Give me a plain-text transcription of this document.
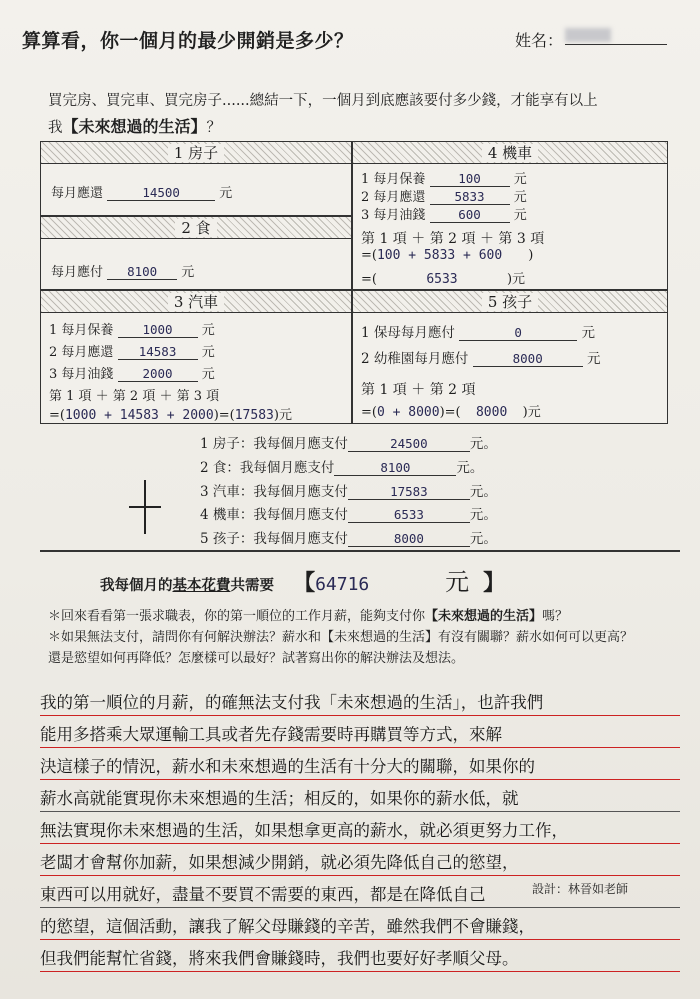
算算看，你一個月的最少開銷是多少？	姓名：
買完房、買完車、買完房子......總結一下，一個月到底應該要付多少錢，才能享有以上
我【未來想過的生活】？
1 房子
每月應還	14500	元
2 食
每月應付 8100 元
3 汽車
1 每月保養 1000 元
2 每月應還 14583 元
3 每月油錢 2000 元
第 1 項 ＋ 第 2 項 ＋ 第 3 項
=(1000 + 14583 + 2000)=(17583)元
4 機車
1 每月保養	100	元
2 每月應還 5833 元
3 每月油錢	600	元
第 1 項 ＋ 第 2 項 ＋ 第 3 項
=(100 + 5833 + 600 )
=(	6533	)元
5 孩子
1 保母每月應付	0	元
2 幼稚園每月應付	8000	元
第 1 項 ＋ 第 2 項
=(0 + 8000)=( 8000 )元
1 房子：我每個月應支付	24500	元。
2 食：我每個月應支付	8100	元。
3 汽車：我每個月應支付	17583	元。
4 機車：我每個月應支付	6533	元。
5 孩子：我每個月應支付	8000	元。
我每個月的基本花費共需要 【64716	元 】
＊回來看看第一張求職表，你的第一順位的工作月薪，能夠支付你【未來想過的生活】嗎？
＊如果無法支付，請問你有何解決辦法？薪水和【未來想過的生活】有沒有關聯？薪水如何可以更高？
還是慾望如何再降低？怎麼樣可以最好？試著寫出你的解決辦法及想法。
我的第一順位的月薪，的確無法支付我「未來想過的生活」，也許我們
能用多搭乘大眾運輸工具或者先存錢需要時再購買等方式，來解
決這樣子的情況，薪水和未來想過的生活有十分大的關聯，如果你的
薪水高就能實現你未來想過的生活；相反的，如果你的薪水低，就
無法實現你未來想過的生活，如果想拿更高的薪水，就必須更努力工作，
老闆才會幫你加薪，如果想減少開銷，就必須先降低自己的慾望，
東西可以用就好，盡量不要買不需要的東西，都是在降低自己
的慾望，這個活動，讓我了解父母賺錢的辛苦，雖然我們不會賺錢，
但我們能幫忙省錢，將來我們會賺錢時，我們也要好好孝順父母。
設計：林晉如老師
